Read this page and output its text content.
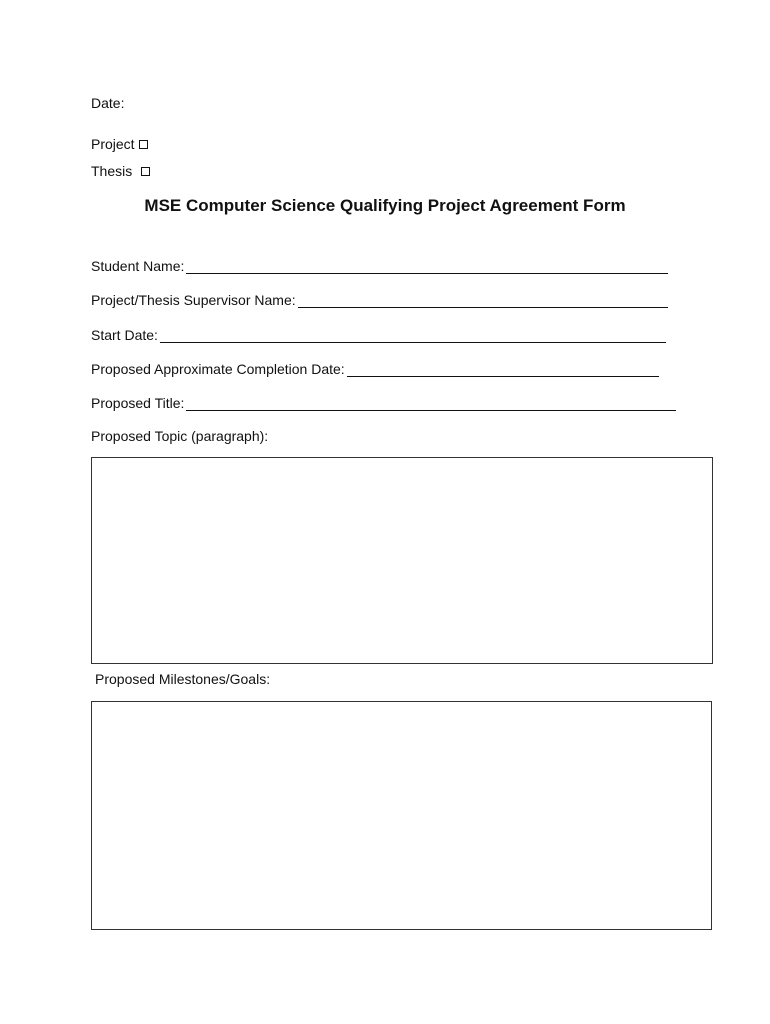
Date:
Project
Thesis
MSE Computer Science Qualifying Project Agreement Form
Student Name:
Project/Thesis Supervisor Name:
Start Date:
Proposed Approximate Completion Date:
Proposed Title:
Proposed Topic (paragraph):
Proposed Milestones/Goals:
